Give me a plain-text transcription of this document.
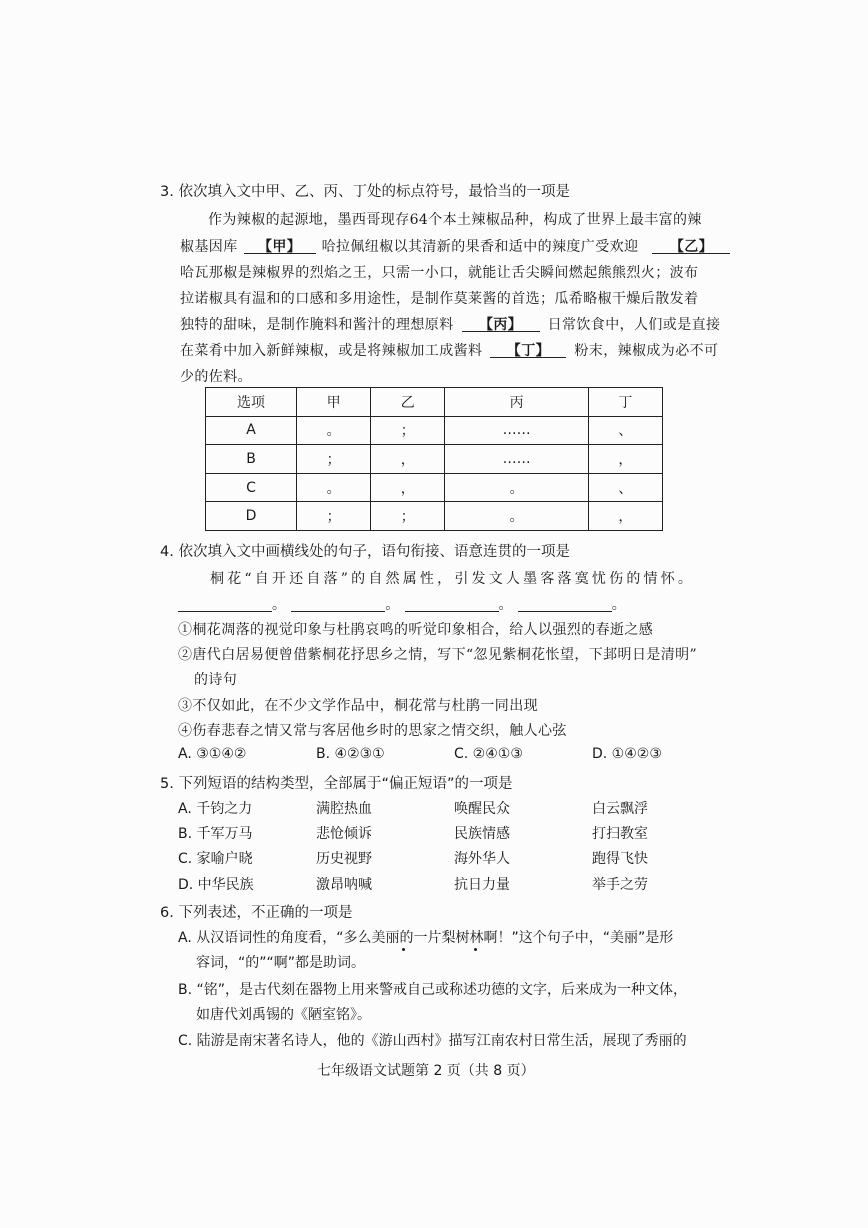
3. 依次填入文中甲、乙、丙、丁处的标点符号，最恰当的一项是
作为辣椒的起源地，墨西哥现存64个本土辣椒品种，构成了世界上最丰富的辣
椒基因库 【甲】 哈拉佩纽椒以其清新的果香和适中的辣度广受欢迎 【乙】
哈瓦那椒是辣椒界的烈焰之王，只需一小口，就能让舌尖瞬间燃起熊熊烈火；波布
拉诺椒具有温和的口感和多用途性，是制作莫莱酱的首选；瓜希略椒干燥后散发着
独特的甜味，是制作腌料和酱汁的理想原料 【丙】 日常饮食中，人们或是直接
在菜肴中加入新鲜辣椒，或是将辣椒加工成酱料 【丁】 粉末，辣椒成为必不可
少的佐料。
选项	甲	乙	丙	丁
A	。	；	……	、
B	；	，	……	，
C	。	，	。	、
D	；	；	。	，
4. 依次填入文中画横线处的句子，语句衔接、语意连贯的一项是
桐花“自开还自落”的自然属性，引发文人墨客落寞忧伤的情怀。
。	。	。	。
①桐花凋落的视觉印象与杜鹃哀鸣的听觉印象相合，给人以强烈的春逝之感
②唐代白居易便曾借紫桐花抒思乡之情，写下“忽见紫桐花怅望，下邽明日是清明”
的诗句
③不仅如此，在不少文学作品中，桐花常与杜鹃一同出现
④伤春悲春之情又常与客居他乡时的思家之情交织，触人心弦
A. ③①④②	B. ④②③①	C. ②④①③	D. ①④②③
5. 下列短语的结构类型，全部属于“偏正短语”的一项是
A. 千钧之力	满腔热血	唤醒民众	白云飘浮
B. 千军万马	悲怆倾诉	民族情感	打扫教室
C. 家喻户晓	历史视野	海外华人	跑得飞快
D. 中华民族	激昂呐喊	抗日力量	举手之劳
6. 下列表述，不正确的一项是
A. 从汉语词性的角度看，“多么美丽的一片梨树林啊！”这个句子中，“美丽”是形
容词，“的”“啊”都是助词。
B. “铭”，是古代刻在器物上用来警戒自己或称述功德的文字，后来成为一种文体，
如唐代刘禹锡的《陋室铭》。
C. 陆游是南宋著名诗人，他的《游山西村》描写江南农村日常生活，展现了秀丽的
七年级语文试题第 2 页（共 8 页）
